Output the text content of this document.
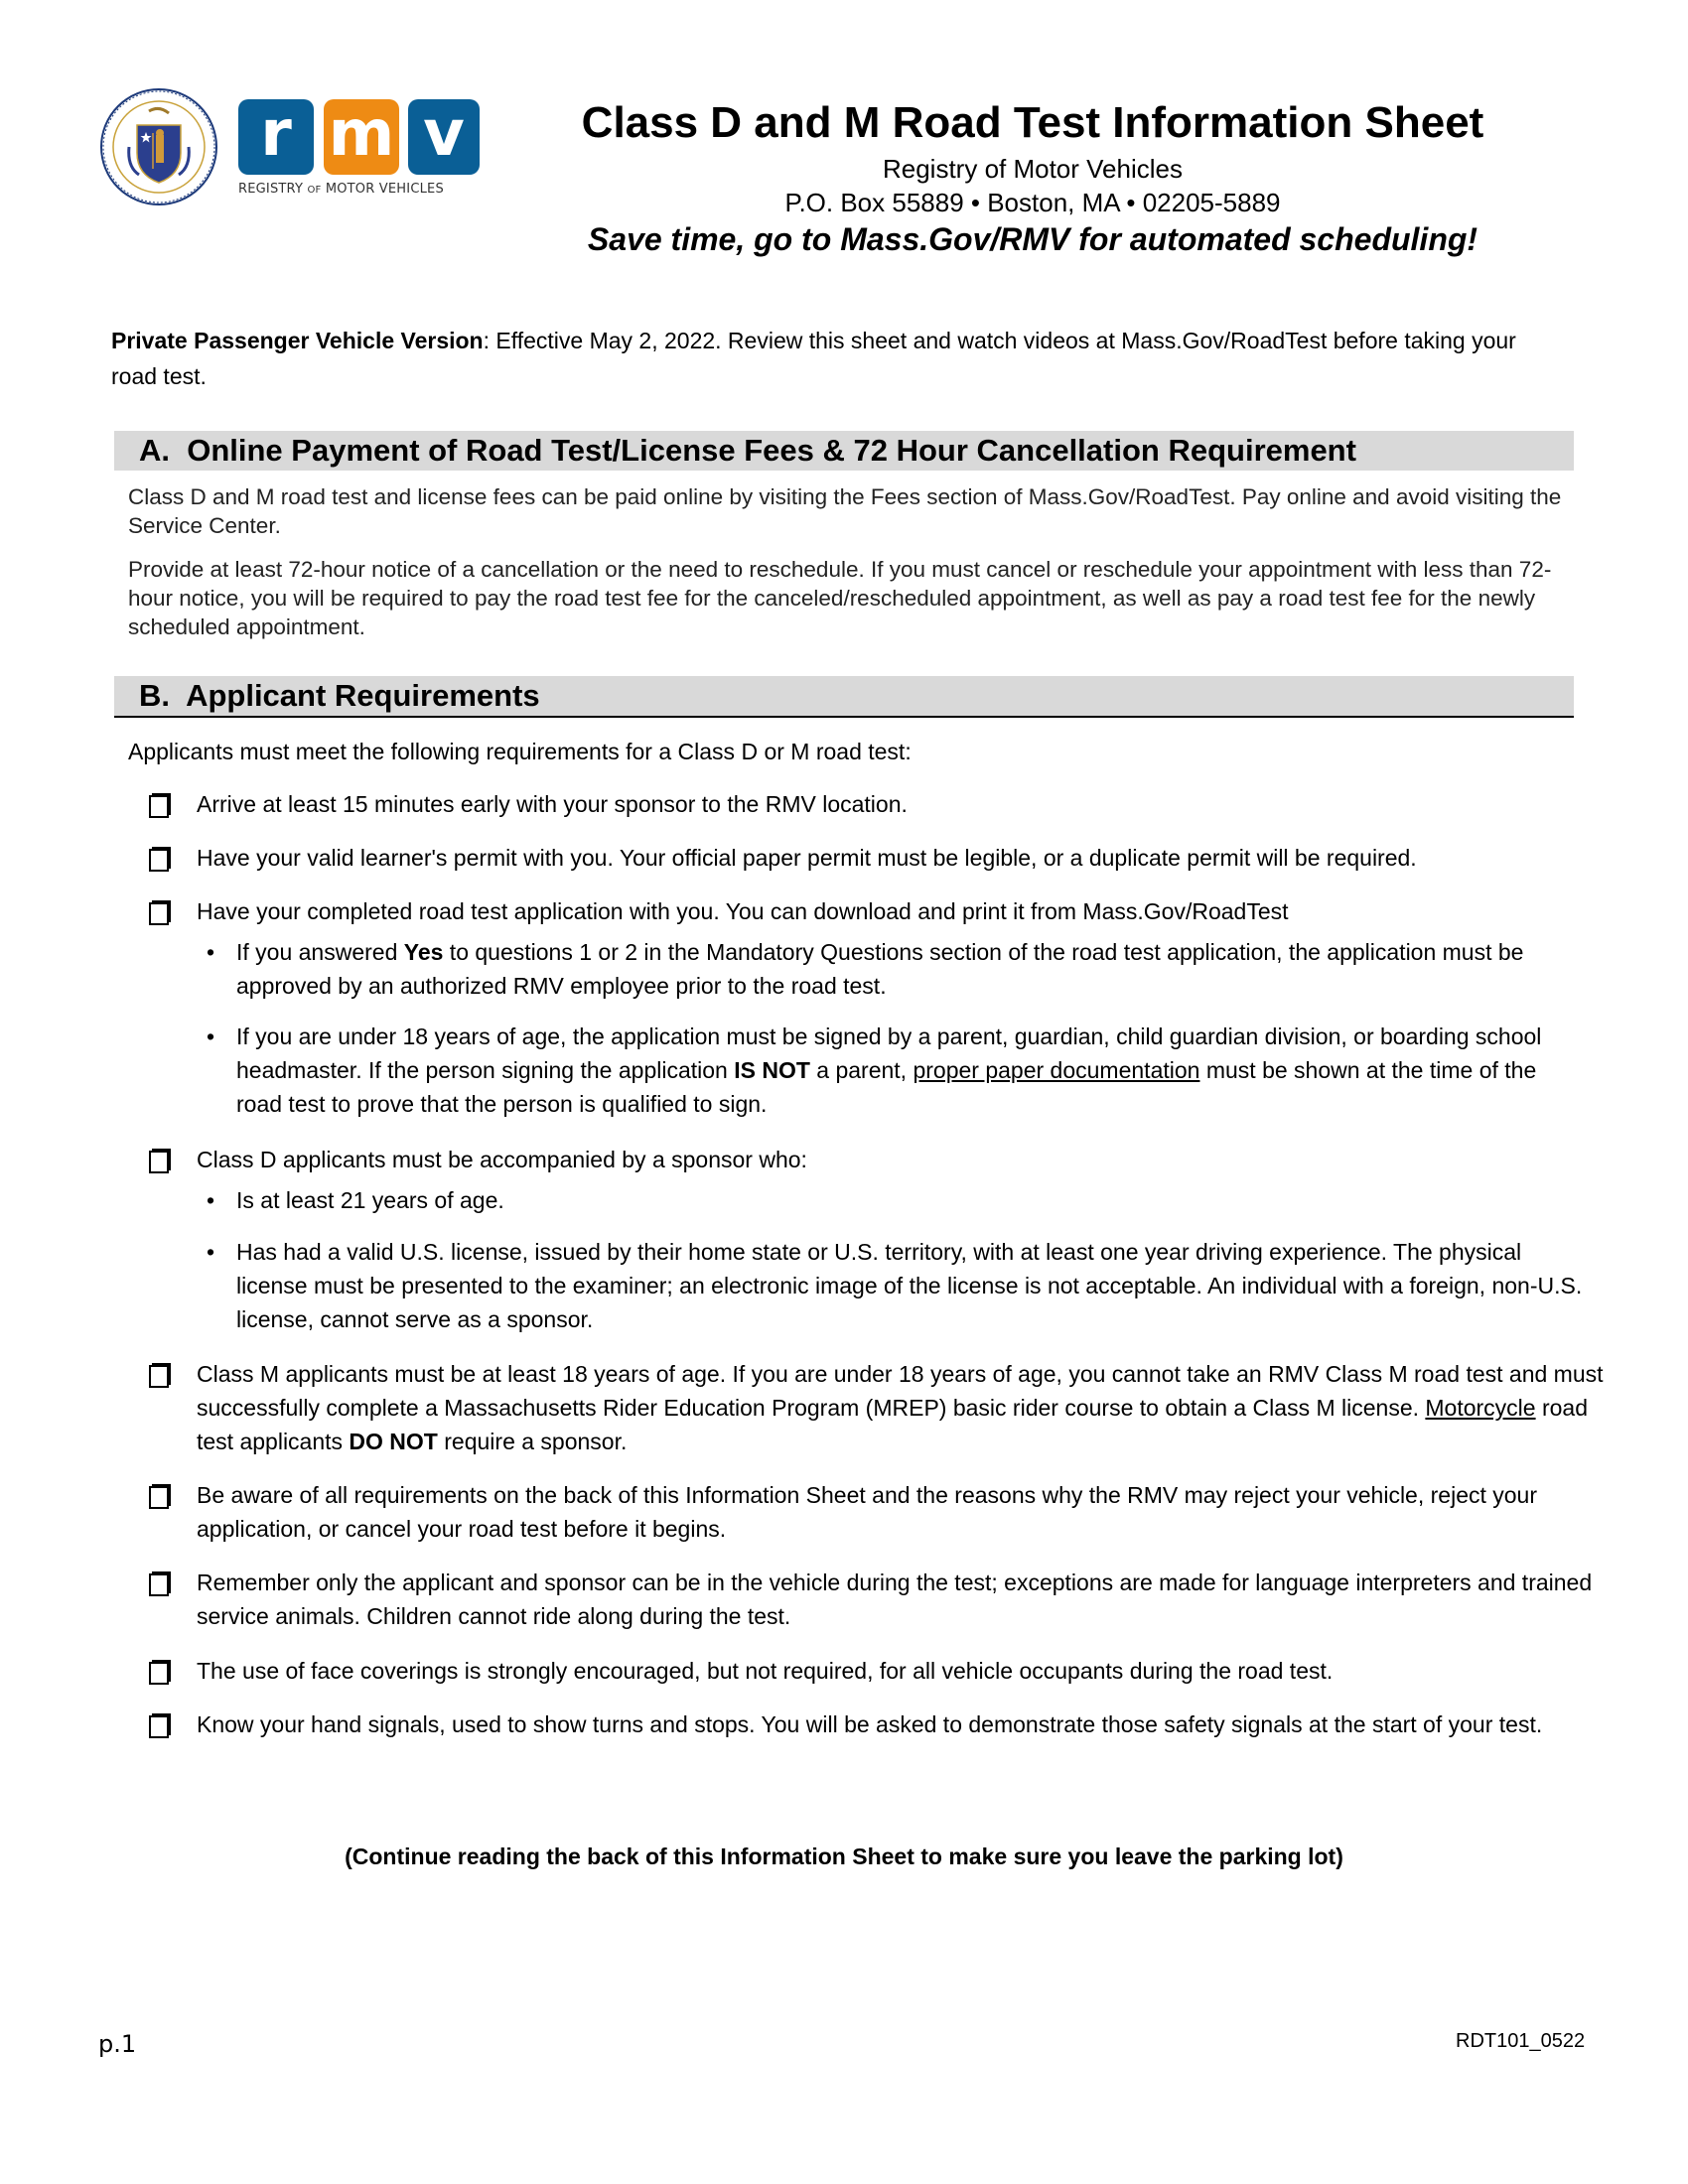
r m v
REGISTRY OF MOTOR VEHICLES
Class D and M Road Test Information Sheet
Registry of Motor Vehicles
P.O. Box 55889 • Boston, MA • 02205-5889
Save time, go to Mass.Gov/RMV for automated scheduling!
Private Passenger Vehicle Version: Effective May 2, 2022. Review this sheet and watch videos at Mass.Gov/RoadTest before taking your road test.
A.  Online Payment of Road Test/License Fees & 72 Hour Cancellation Requirement
Class D and M road test and license fees can be paid online by visiting the Fees section of Mass.Gov/RoadTest. Pay online and avoid visiting the Service Center.
Provide at least 72-hour notice of a cancellation or the need to reschedule. If you must cancel or reschedule your appointment with less than 72-hour notice, you will be required to pay the road test fee for the canceled/rescheduled appointment, as well as pay a road test fee for the newly scheduled appointment.
B.  Applicant Requirements
Applicants must meet the following requirements for a Class D or M road test:
Arrive at least 15 minutes early with your sponsor to the RMV location.
Have your valid learner's permit with you. Your official paper permit must be legible, or a duplicate permit will be required.
Have your completed road test application with you. You can download and print it from Mass.Gov/RoadTest
• If you answered Yes to questions 1 or 2 in the Mandatory Questions section of the road test application, the application must be approved by an authorized RMV employee prior to the road test.
• If you are under 18 years of age, the application must be signed by a parent, guardian, child guardian division, or boarding school headmaster. If the person signing the application IS NOT a parent, proper paper documentation must be shown at the time of the road test to prove that the person is qualified to sign.
Class D applicants must be accompanied by a sponsor who:
• Is at least 21 years of age.
• Has had a valid U.S. license, issued by their home state or U.S. territory, with at least one year driving experience. The physical license must be presented to the examiner; an electronic image of the license is not acceptable. An individual with a foreign, non-U.S. license, cannot serve as a sponsor.
Class M applicants must be at least 18 years of age. If you are under 18 years of age, you cannot take an RMV Class M road test and must successfully complete a Massachusetts Rider Education Program (MREP) basic rider course to obtain a Class M license. Motorcycle road test applicants DO NOT require a sponsor.
Be aware of all requirements on the back of this Information Sheet and the reasons why the RMV may reject your vehicle, reject your application, or cancel your road test before it begins.
Remember only the applicant and sponsor can be in the vehicle during the test; exceptions are made for language interpreters and trained service animals. Children cannot ride along during the test.
The use of face coverings is strongly encouraged, but not required, for all vehicle occupants during the road test.
Know your hand signals, used to show turns and stops. You will be asked to demonstrate those safety signals at the start of your test.
(Continue reading the back of this Information Sheet to make sure you leave the parking lot)
p.1	RDT101_0522
